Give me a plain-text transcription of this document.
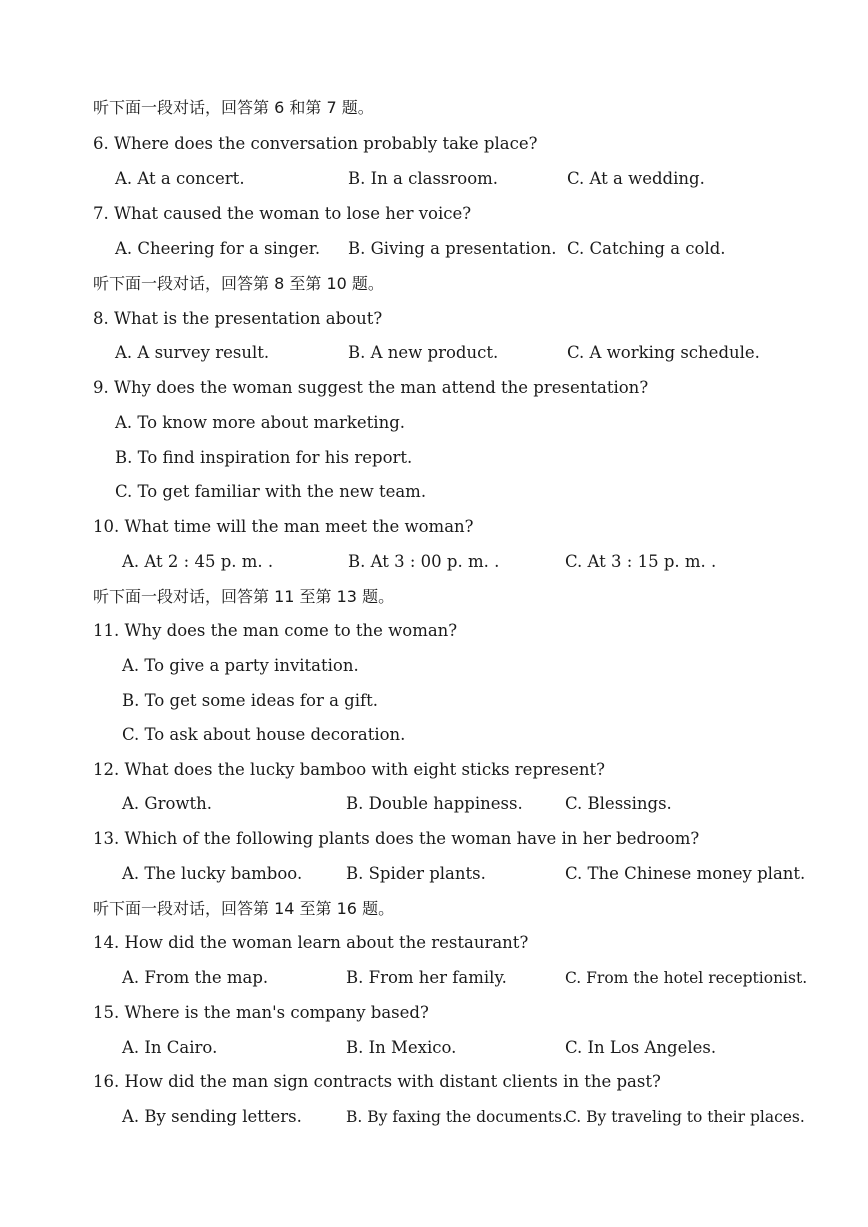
听下面一段对话，回答第 6 和第 7 题。
6. Where does the conversation probably take place?
A. At a concert.	B. In a classroom.	C. At a wedding.
7. What caused the woman to lose her voice?
A. Cheering for a singer. B. Giving a presentation. C. Catching a cold.
听下面一段对话，回答第 8 至第 10 题。
8. What is the presentation about?
A. A survey result.	B. A new product.	C. A working schedule.
9. Why does the woman suggest the man attend the presentation?
A. To know more about marketing.
B. To find inspiration for his report.
C. To get familiar with the new team.
10. What time will the man meet the woman?
A. At 2 : 45 p. m. .	B. At 3 : 00 p. m. .	C. At 3 : 15 p. m. .
听下面一段对话，回答第 11 至第 13 题。
11. Why does the man come to the woman?
A. To give a party invitation.
B. To get some ideas for a gift.
C. To ask about house decoration.
12. What does the lucky bamboo with eight sticks represent?
A. Growth.	B. Double happiness.	C. Blessings.
13. Which of the following plants does the woman have in her bedroom?
A. The lucky bamboo.	B. Spider plants.	C. The Chinese money plant.
听下面一段对话，回答第 14 至第 16 题。
14. How did the woman learn about the restaurant?
A. From the map.	B. From her family.	C. From the hotel receptionist.
15. Where is the man's company based?
A. In Cairo.	B. In Mexico.	C. In Los Angeles.
16. How did the man sign contracts with distant clients in the past?
A. By sending letters.	B. By faxing the documents.
C. By traveling to their places.
